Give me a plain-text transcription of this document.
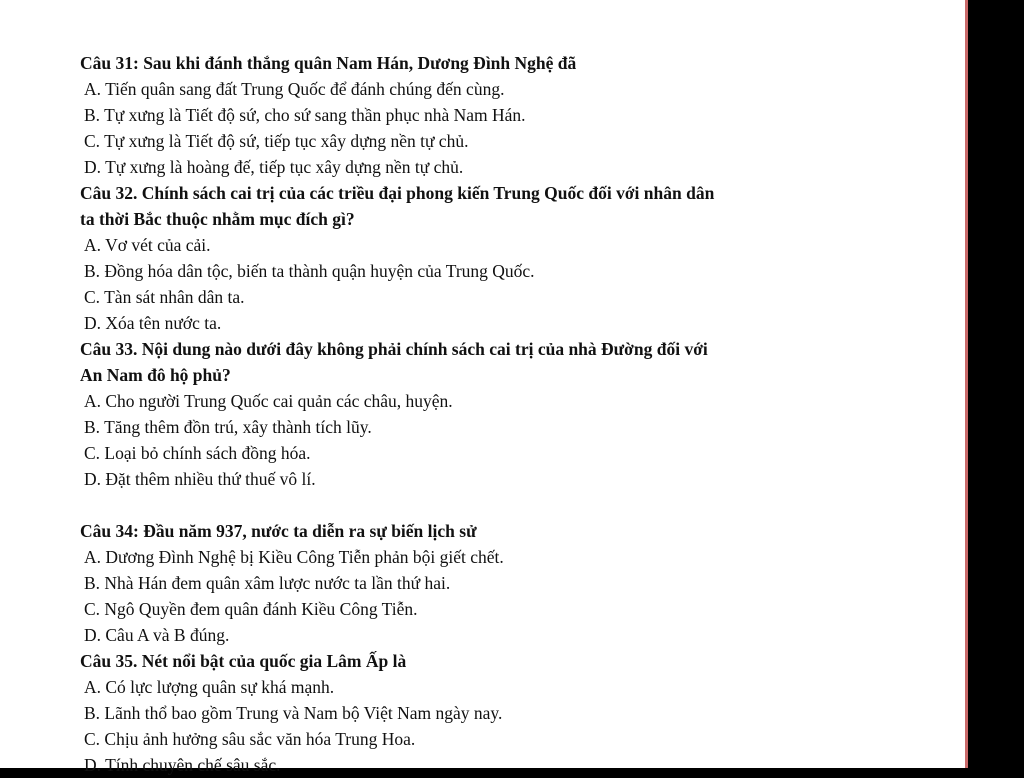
Câu 31: Sau khi đánh thắng quân Nam Hán, Dương Đình Nghệ đã
A. Tiến quân sang đất Trung Quốc để đánh chúng đến cùng.
B. Tự xưng là Tiết độ sứ, cho sứ sang thần phục nhà Nam Hán.
C. Tự xưng là Tiết độ sứ, tiếp tục xây dựng nền tự chủ.
D. Tự xưng là hoàng đế, tiếp tục xây dựng nền tự chủ.
Câu 32. Chính sách cai trị của các triều đại phong kiến Trung Quốc đối với nhân dân
ta thời Bắc thuộc nhằm mục đích gì?
A. Vơ vét của cải.
B. Đồng hóa dân tộc, biến ta thành quận huyện của Trung Quốc.
C. Tàn sát nhân dân ta.
D. Xóa tên nước ta.
Câu 33. Nội dung nào dưới đây không phải chính sách cai trị của nhà Đường đối với
An Nam đô hộ phủ?
A. Cho người Trung Quốc cai quản các châu, huyện.
B. Tăng thêm đồn trú, xây thành tích lũy.
C. Loại bỏ chính sách đồng hóa.
D. Đặt thêm nhiều thứ thuế vô lí.
Câu 34: Đầu năm 937, nước ta diễn ra sự biến lịch sử
A. Dương Đình Nghệ bị Kiều Công Tiễn phản bội giết chết.
B. Nhà Hán đem quân xâm lược nước ta lần thứ hai.
C. Ngô Quyền đem quân đánh Kiều Công Tiễn.
D. Câu A và B đúng.
Câu 35. Nét nổi bật của quốc gia Lâm Ấp là
A. Có lực lượng quân sự khá mạnh.
B. Lãnh thổ bao gồm Trung và Nam bộ Việt Nam ngày nay.
C. Chịu ảnh hưởng sâu sắc văn hóa Trung Hoa.
D. Tính chuyên chế sâu sắc.
